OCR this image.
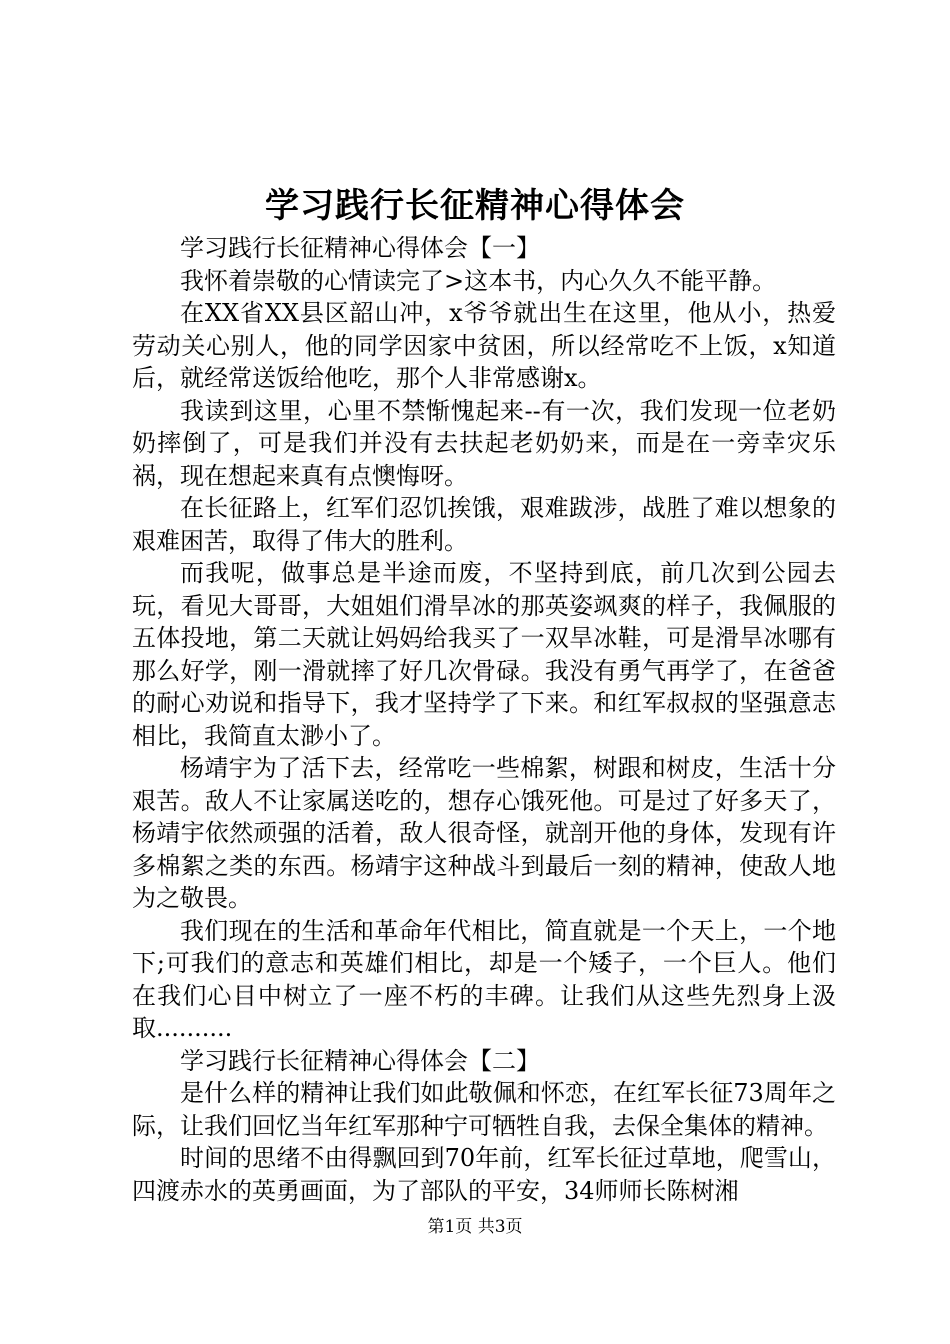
学习践行长征精神心得体会

学习践行长征精神心得体会【一】

我怀着崇敬的心情读完了>这本书，内心久久不能平静。

在XX省XX县区韶山冲，x爷爷就出生在这里，他从小，热爱劳动关心别人，他的同学因家中贫困，所以经常吃不上饭，x知道后，就经常送饭给他吃，那个人非常感谢x。

我读到这里，心里不禁惭愧起来--有一次，我们发现一位老奶奶摔倒了，可是我们并没有去扶起老奶奶来，而是在一旁幸灾乐祸，现在想起来真有点懊悔呀。

在长征路上，红军们忍饥挨饿，艰难跋涉，战胜了难以想象的艰难困苦，取得了伟大的胜利。

而我呢，做事总是半途而废，不坚持到底，前几次到公园去玩，看见大哥哥，大姐姐们滑旱冰的那英姿飒爽的样子，我佩服的五体投地，第二天就让妈妈给我买了一双旱冰鞋，可是滑旱冰哪有那么好学，刚一滑就摔了好几次骨碌。我没有勇气再学了，在爸爸的耐心劝说和指导下，我才坚持学了下来。和红军叔叔的坚强意志相比，我简直太渺小了。

杨靖宇为了活下去，经常吃一些棉絮，树跟和树皮，生活十分艰苦。敌人不让家属送吃的，想存心饿死他。可是过了好多天了，杨靖宇依然顽强的活着，敌人很奇怪，就剖开他的身体，发现有许多棉絮之类的东西。杨靖宇这种战斗到最后一刻的精神，使敌人地为之敬畏。

我们现在的生活和革命年代相比，简直就是一个天上，一个地下;可我们的意志和英雄们相比，却是一个矮子，一个巨人。他们在我们心目中树立了一座不朽的丰碑。让我们从这些先烈身上汲取..........

学习践行长征精神心得体会【二】

是什么样的精神让我们如此敬佩和怀恋，在红军长征73周年之际，让我们回忆当年红军那种宁可牺牲自我，去保全集体的精神。

时间的思绪不由得飘回到70年前，红军长征过草地，爬雪山，四渡赤水的英勇画面，为了部队的平安，34师师长陈树湘

第1页 共3页
